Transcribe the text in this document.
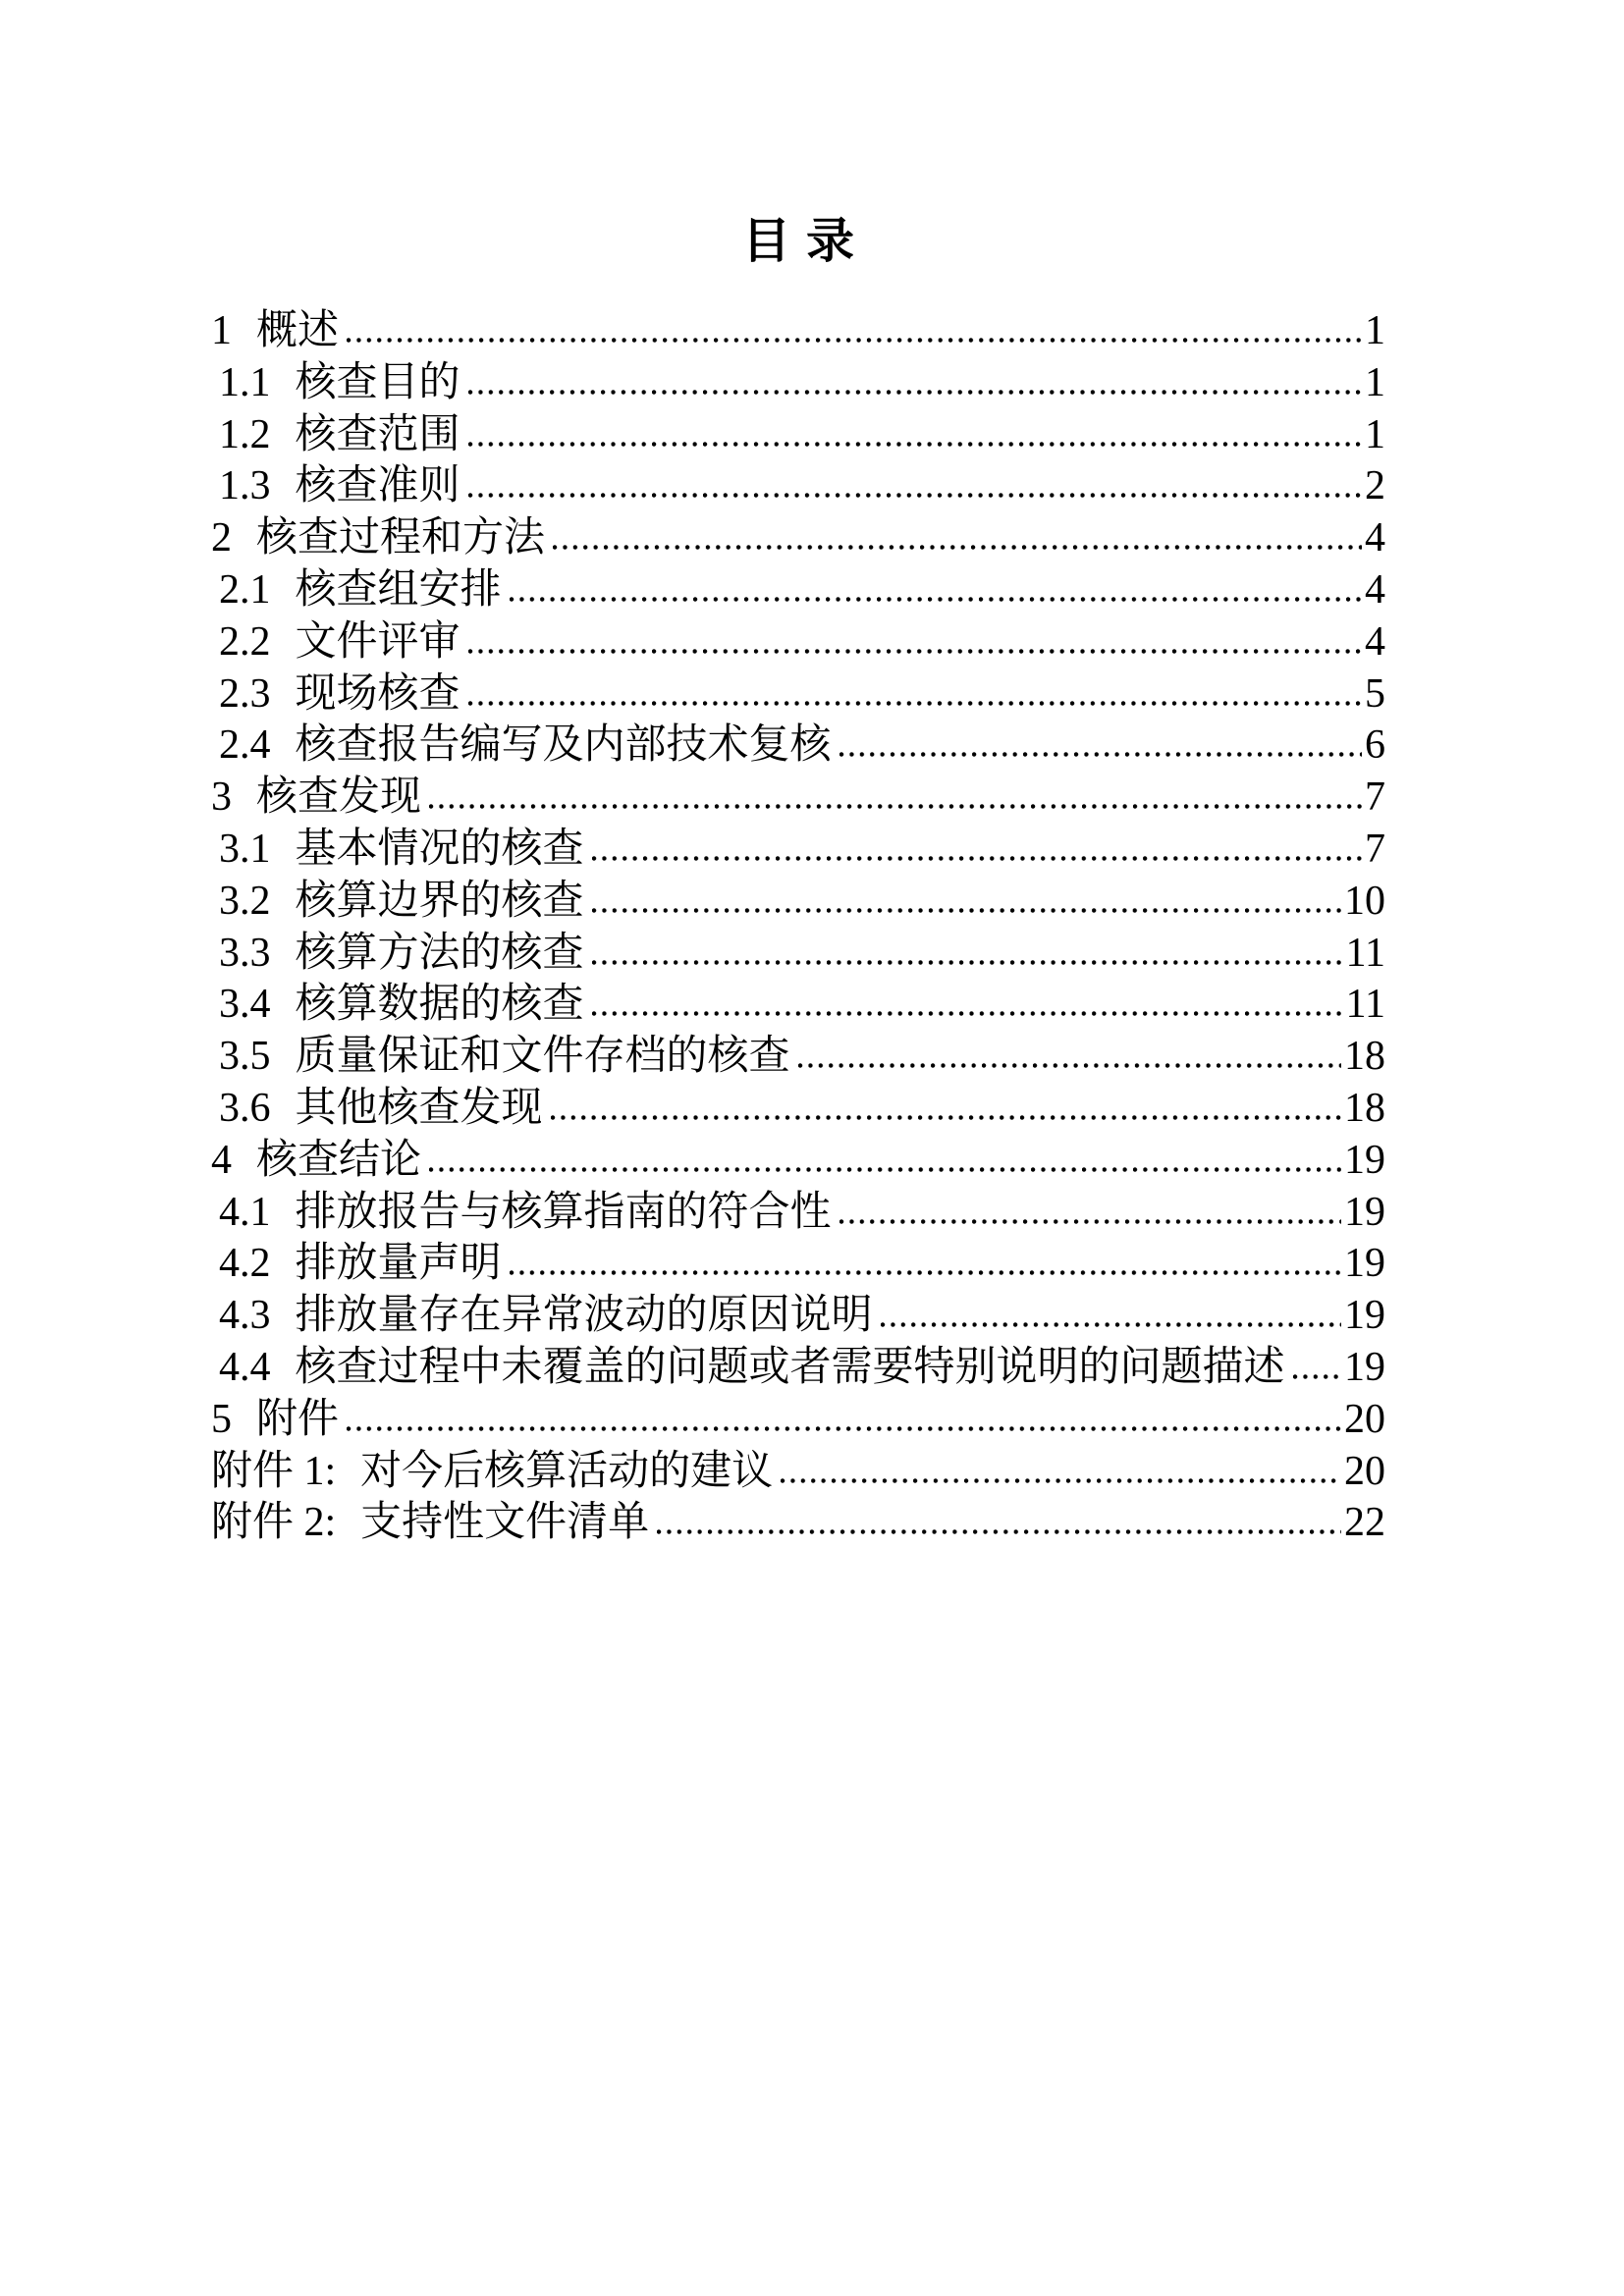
目录
1 概述	1
1.1 核查目的	1
1.2 核查范围	1
1.3 核查准则	2
2 核查过程和方法	4
2.1 核查组安排	4
2.2 文件评审	4
2.3 现场核查	5
2.4 核查报告编写及内部技术复核	6
3 核查发现	7
3.1 基本情况的核查	7
3.2 核算边界的核查	10
3.3 核算方法的核查	11
3.4 核算数据的核查	11
3.5 质量保证和文件存档的核查	18
3.6 其他核查发现	18
4 核查结论	19
4.1 排放报告与核算指南的符合性	19
4.2 排放量声明	19
4.3 排放量存在异常波动的原因说明	19
4.4 核查过程中未覆盖的问题或者需要特别说明的问题描述 19
5 附件	20
附件 1: 对今后核算活动的建议	20
附件 2: 支持性文件清单	22
